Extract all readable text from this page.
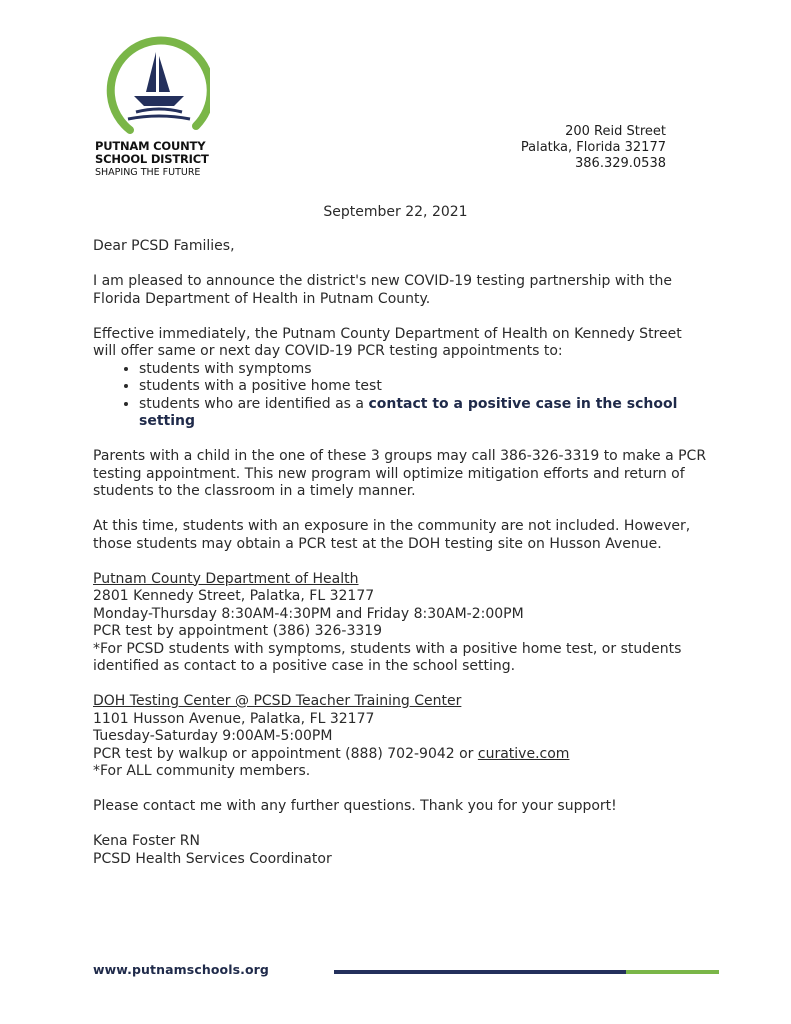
PUTNAM COUNTY
SCHOOL DISTRICT
SHAPING THE FUTURE
200 Reid Street
Palatka, Florida 32177
386.329.0538
September 22, 2021

Dear PCSD Families,

I am pleased to announce the district's new COVID-19 testing partnership with the Florida Department of Health in Putnam County.

Effective immediately, the Putnam County Department of Health on Kennedy Street will offer same or next day COVID-19 PCR testing appointments to:

• students with symptoms
• students with a positive home test
• students who are identified as a contact to a positive case in the school setting

Parents with a child in the one of these 3 groups may call 386-326-3319 to make a PCR testing appointment. This new program will optimize mitigation efforts and return of students to the classroom in a timely manner.

At this time, students with an exposure in the community are not included. However, those students may obtain a PCR test at the DOH testing site on Husson Avenue.

Putnam County Department of Health

2801 Kennedy Street, Palatka, FL 32177

Monday-Thursday 8:30AM-4:30PM and Friday 8:30AM-2:00PM

PCR test by appointment (386) 326-3319

*For PCSD students with symptoms, students with a positive home test, or students identified as contact to a positive case in the school setting.

DOH Testing Center @ PCSD Teacher Training Center

1101 Husson Avenue, Palatka, FL 32177

Tuesday-Saturday 9:00AM-5:00PM

PCR test by walkup or appointment (888) 702-9042 or curative.com

*For ALL community members.

Please contact me with any further questions. Thank you for your support!

Kena Foster RN

PCSD Health Services Coordinator

www.putnamschools.org
